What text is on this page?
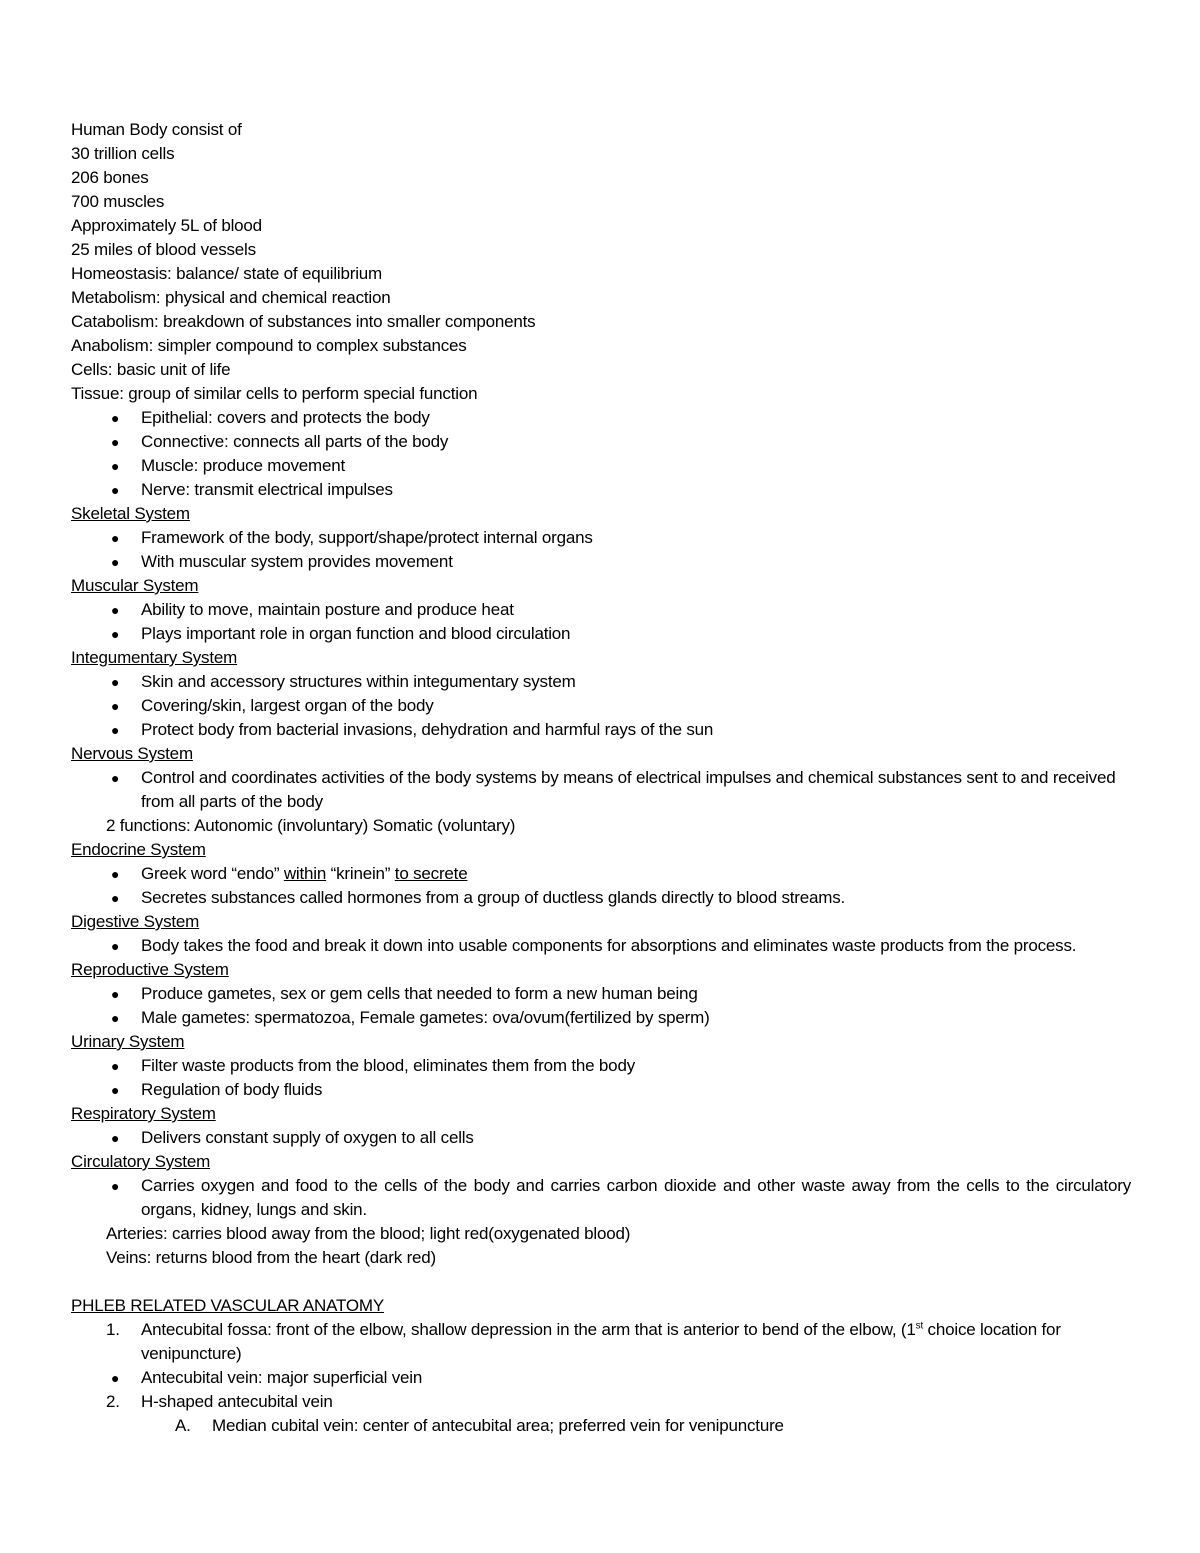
Human Body consist of
30 trillion cells
206 bones
700 muscles
Approximately 5L of blood
25 miles of blood vessels
Homeostasis: balance/ state of equilibrium
Metabolism: physical and chemical reaction
Catabolism: breakdown of substances into smaller components
Anabolism: simpler compound to complex substances
Cells: basic unit of life
Tissue: group of similar cells to perform special function
●	Epithelial: covers and protects the body
●	Connective: connects all parts of the body
●	Muscle: produce movement
●	Nerve: transmit electrical impulses
Skeletal System
●	Framework of the body, support/shape/protect internal organs
●	With muscular system provides movement
Muscular System
●	Ability to move, maintain posture and produce heat
●	Plays important role in organ function and blood circulation
Integumentary System
●	Skin and accessory structures within integumentary system
●	Covering/skin, largest organ of the body
●	Protect body from bacterial invasions, dehydration and harmful rays of the sun
Nervous System
●	Control and coordinates activities of the body systems by means of electrical impulses and chemical substances sent to and received from all parts of the body
2 functions: Autonomic (involuntary) Somatic (voluntary)
Endocrine System
●	Greek word “endo” within “krinein” to secrete
●	Secretes substances called hormones from a group of ductless glands directly to blood streams.
Digestive System
●	Body takes the food and break it down into usable components for absorptions and eliminates waste products from the process.
Reproductive System
●	Produce gametes, sex or gem cells that needed to form a new human being
●	Male gametes: spermatozoa, Female gametes: ova/ovum(fertilized by sperm)
Urinary System
●	Filter waste products from the blood, eliminates them from the body
●	Regulation of body fluids
Respiratory System
●	Delivers constant supply of oxygen to all cells
Circulatory System
●	Carries oxygen and food to the cells of the body and carries carbon dioxide and other waste away from the cells to the circulatory organs, kidney, lungs and skin.
Arteries: carries blood away from the blood; light red(oxygenated blood)
Veins: returns blood from the heart (dark red)
PHLEB RELATED VASCULAR ANATOMY
1. Antecubital fossa: front of the elbow, shallow depression in the arm that is anterior to bend of the elbow, (1st choice location for venipuncture)
●	Antecubital vein: major superficial vein
2. H-shaped antecubital vein
A. Median cubital vein: center of antecubital area; preferred vein for venipuncture
